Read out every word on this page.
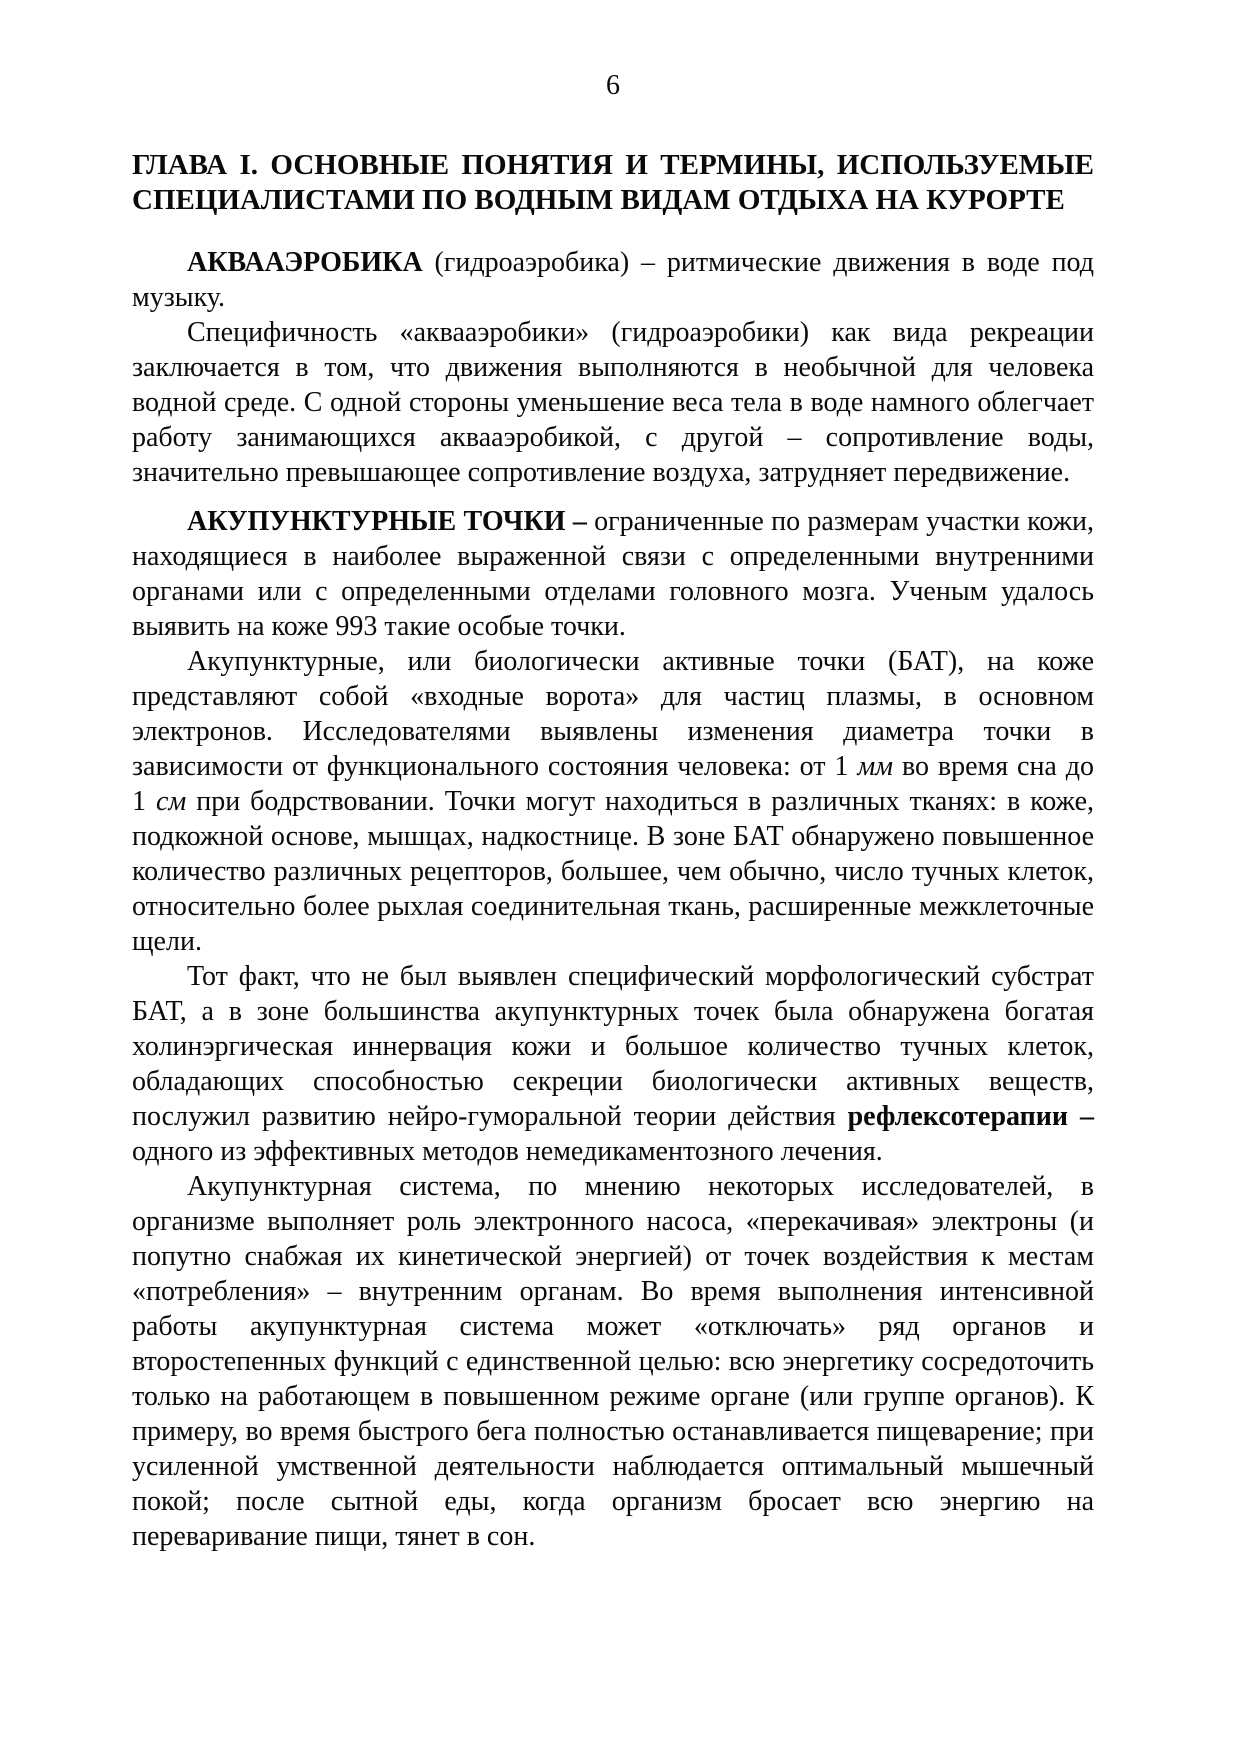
6
ГЛАВА I. ОСНОВНЫЕ ПОНЯТИЯ И ТЕРМИНЫ, ИСПОЛЬЗУЕМЫЕ СПЕЦИАЛИСТАМИ ПО ВОДНЫМ ВИДАМ ОТДЫХА НА КУРОРТЕ

АКВААЭРОБИКА (гидроаэробика) – ритмические движения в воде под музыку.

Специфичность «аквааэробики» (гидроаэробики) как вида рекреации заключается в том, что движения выполняются в необычной для человека водной среде. С одной стороны уменьшение веса тела в воде намного облегчает работу занимающихся аквааэробикой, с другой – сопротивление воды, значительно превышающее сопротивление воздуха, затрудняет передвижение.

АКУПУНКТУРНЫЕ ТОЧКИ – ограниченные по размерам участки кожи, находящиеся в наиболее выраженной связи с определенными внутренними органами или с определенными отделами головного мозга. Ученым удалось выявить на коже 993 такие особые точки.

Акупунктурные, или биологически активные точки (БАТ), на коже представляют собой «входные ворота» для частиц плазмы, в основном электронов. Исследователями выявлены изменения диаметра точки в зависимости от функционального состояния человека: от 1 мм во время сна до 1 см при бодрствовании. Точки могут находиться в различных тканях: в коже, подкожной основе, мышцах, надкостнице. В зоне БАТ обнаружено повышенное количество различных рецепторов, большее, чем обычно, число тучных клеток, относительно более рыхлая соединительная ткань, расширенные межклеточные щели.

Тот факт, что не был выявлен специфический морфологический субстрат БАТ, а в зоне большинства акупунктурных точек была обнаружена богатая холинэргическая иннервация кожи и большое количество тучных клеток, обладающих способностью секреции биологически активных веществ, послужил развитию нейро-гуморальной теории действия рефлексотерапии – одного из эффективных методов немедикаментозного лечения.

Акупунктурная система, по мнению некоторых исследователей, в организме выполняет роль электронного насоса, «перекачивая» электроны (и попутно снабжая их кинетической энергией) от точек воздействия к местам «потребления» – внутренним органам. Во время выполнения интенсивной работы акупунктурная система может «отключать» ряд органов и второстепенных функций с единственной целью: всю энергетику сосредоточить только на работающем в повышенном режиме органе (или группе органов). К примеру, во время быстрого бега полностью останавливается пищеварение; при усиленной умственной деятельности наблюдается оптимальный мышечный покой; после сытной еды, когда организм бросает всю энергию на переваривание пищи, тянет в сон.
